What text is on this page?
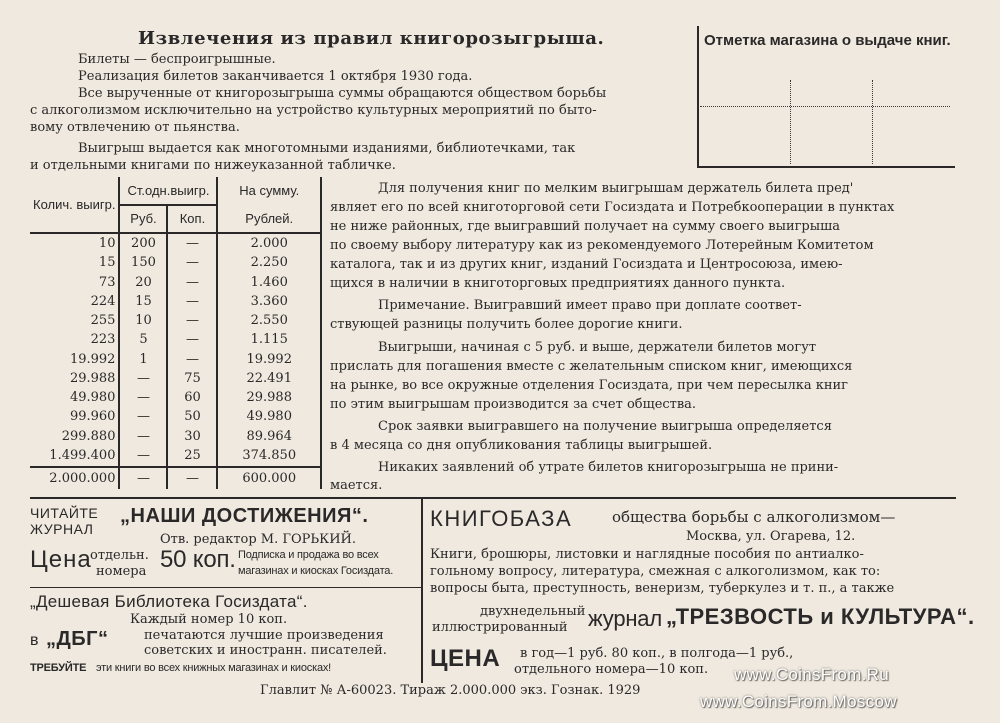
Извлечения из правил книгорозыгрыша.
Билеты — беспроигрышные.
Реализация билетов заканчивается 1 октября 1930 года.
Все вырученные от книгорозыгрыша суммы обращаются обществом борьбы
с алкоголизмом исключительно на устройство культурных мероприятий по быто-
вому отвлечению от пьянства.
Выигрыш выдается как многотомными изданиями, библиотечками, так
и отдельными книгами по нижеуказанной табличке.
Отметка магазина о выдаче книг.
Колич. выигр.	Ст.одн.выигр.		На сумму.
	Руб.	Коп.	Рублей.
10	200	—	2.000
15	150	—	2.250
73	20	—	1.460
224	15	—	3.360
255	10	—	2.550
223	5	—	1.115
19.992	1	—	19.992
29.988	—	75	22.491
49.980	—	60	29.988
99.960	—	50	49.980
299.880	—	30	89.964
1.499.400	—	25	374.850
2.000.000	—	—	600.000
Для получения книг по мелким выигрышам держатель билета пред'
являет его по всей книготорговой сети Госиздата и Потребкооперации в пунктах
не ниже районных, где выигравший получает на сумму своего выигрыша
по своему выбору литературу как из рекомендуемого Лотерейным Комитетом
каталога, так и из других книг, изданий Госиздата и Центросоюза, имею-
щихся в наличии в книготорговых предприятиях данного пункта.
Примечание. Выигравший имеет право при доплате соответ-
ствующей разницы получить более дорогие книги.
Выигрыши, начиная с 5 руб. и выше, держатели билетов могут
прислать для погашения вместе с желательным списком книг, имеющихся
на рынке, во все окружные отделения Госиздата, при чем пересылка книг
по этим выигрышам производится за счет общества.
Срок заявки выигравшего на получение выигрыша определяется
в 4 месяца со дня опубликования таблицы выигрышей.
Никаких заявлений об утрате билетов книгорозыгрыша не прини-
мается.
ЧИТАЙТЕ
ЖУРНАЛ
„НАШИ ДОСТИЖЕНИЯ“.
Отв. редактор М. ГОРЬКИЙ.
Цена
отдельн.
номера 50 коп. Подписка и продажа во всех
магазинах и киосках Госиздата.
„Дешевая Библиотека Госиздата“.
Каждый номер 10 коп.
в „ДБГ“	печатаются лучшие произведения
советских и иностранн. писателей.
ТРЕБУЙТЕ эти книги во всех книжных магазинах и киосках!
КНИГОБАЗА	общества борьбы с алкоголизмом—
Москва, ул. Огарева, 12.
Книги, брошюры, листовки и наглядные пособия по антиалко-
гольному вопросу, литература, смежная с алкоголизмом, как то:
вопросы быта, преступность, венеризм, туберкулез и т. п., а также
двухнедельный
иллюстрированный журнал „ТРЕЗВОСТЬ и КУЛЬТУРА“.
ЦЕНА в год—1 руб. 80 коп., в полгода—1 руб.,
отдельного номера—10 коп.
Главлит № А-60023. Тираж 2.000.000 экз. Гознак. 1929
www.CoinsFrom.Ru
www.CoinsFrom.Moscow
